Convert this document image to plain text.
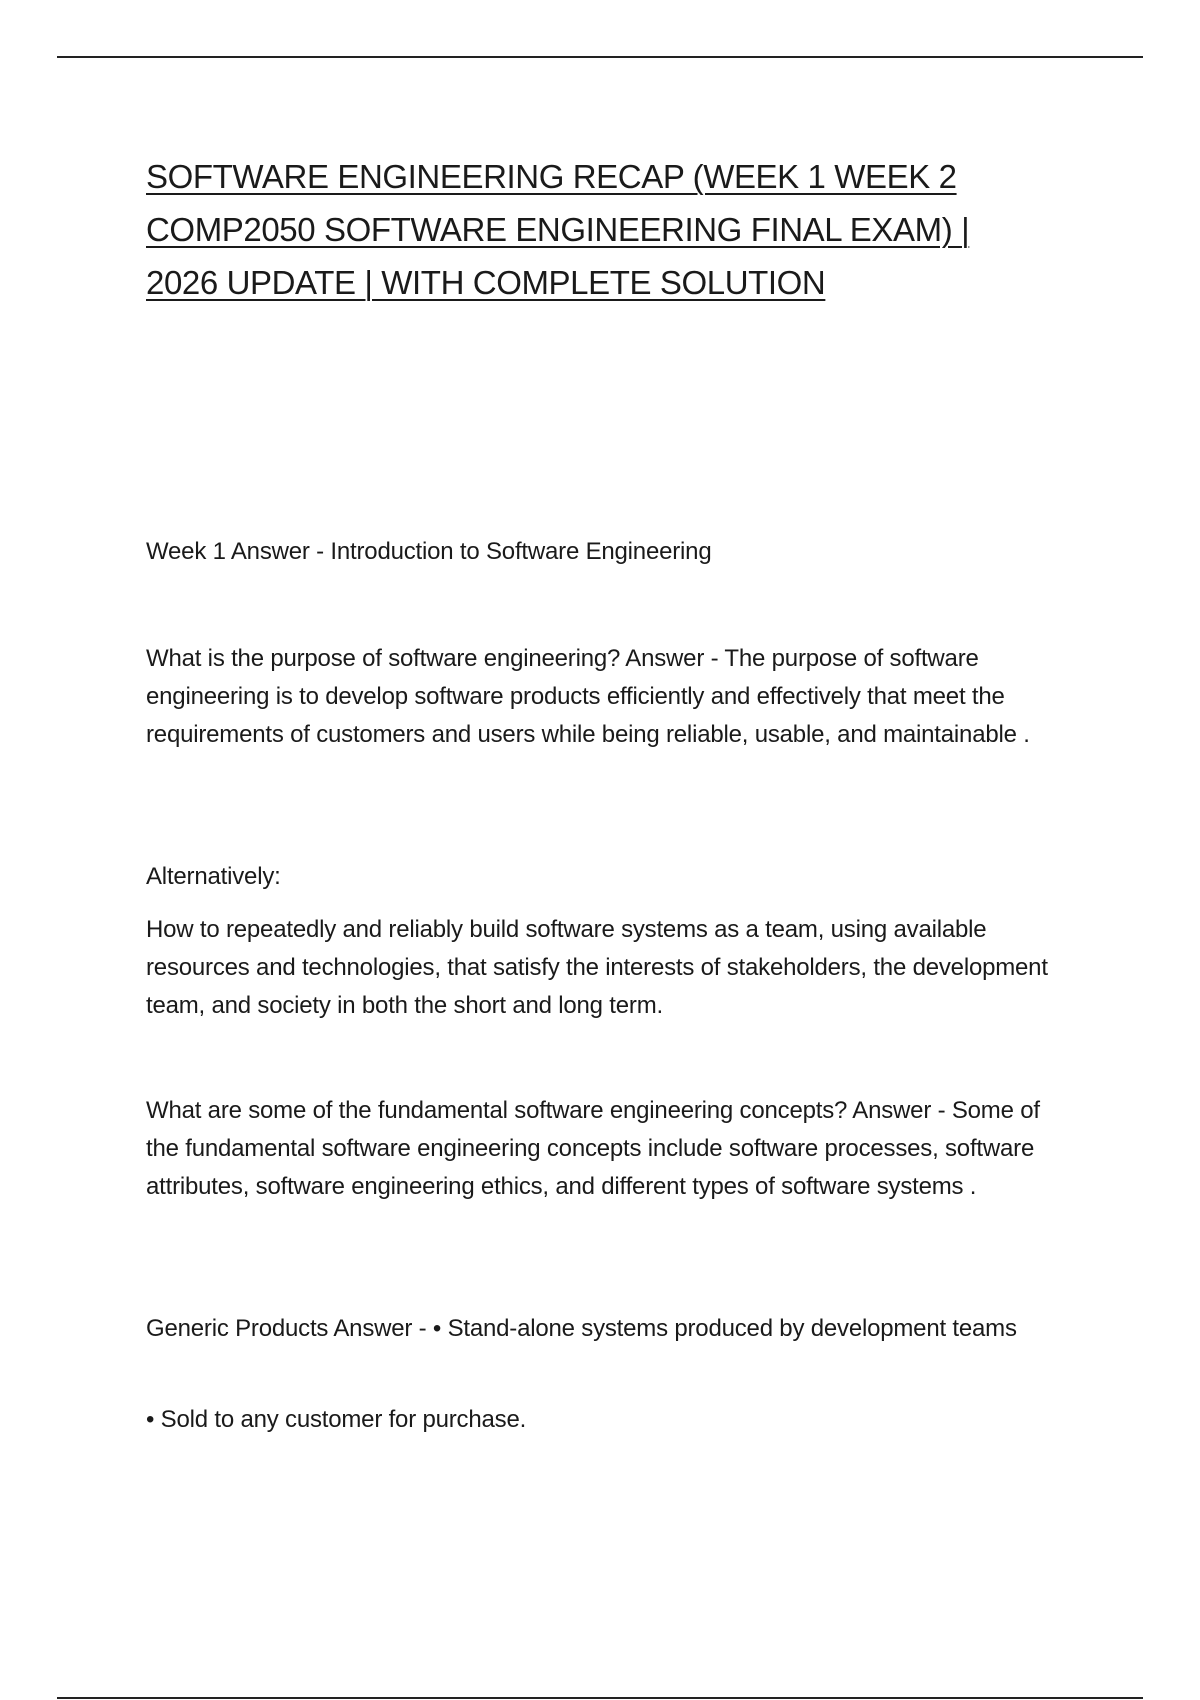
SOFTWARE ENGINEERING RECAP (WEEK 1 WEEK 2 COMP2050 SOFTWARE ENGINEERING FINAL EXAM) | 2026 UPDATE | WITH COMPLETE SOLUTION

Week 1 Answer - Introduction to Software Engineering

What is the purpose of software engineering? Answer - The purpose of software engineering is to develop software products efficiently and effectively that meet the requirements of customers and users while being reliable, usable, and maintainable .

Alternatively:

How to repeatedly and reliably build software systems as a team, using available resources and technologies, that satisfy the interests of stakeholders, the development team, and society in both the short and long term.

What are some of the fundamental software engineering concepts? Answer - Some of the fundamental software engineering concepts include software processes, software attributes, software engineering ethics, and different types of software systems .

Generic Products Answer - • Stand-alone systems produced by development teams

• Sold to any customer for purchase.
